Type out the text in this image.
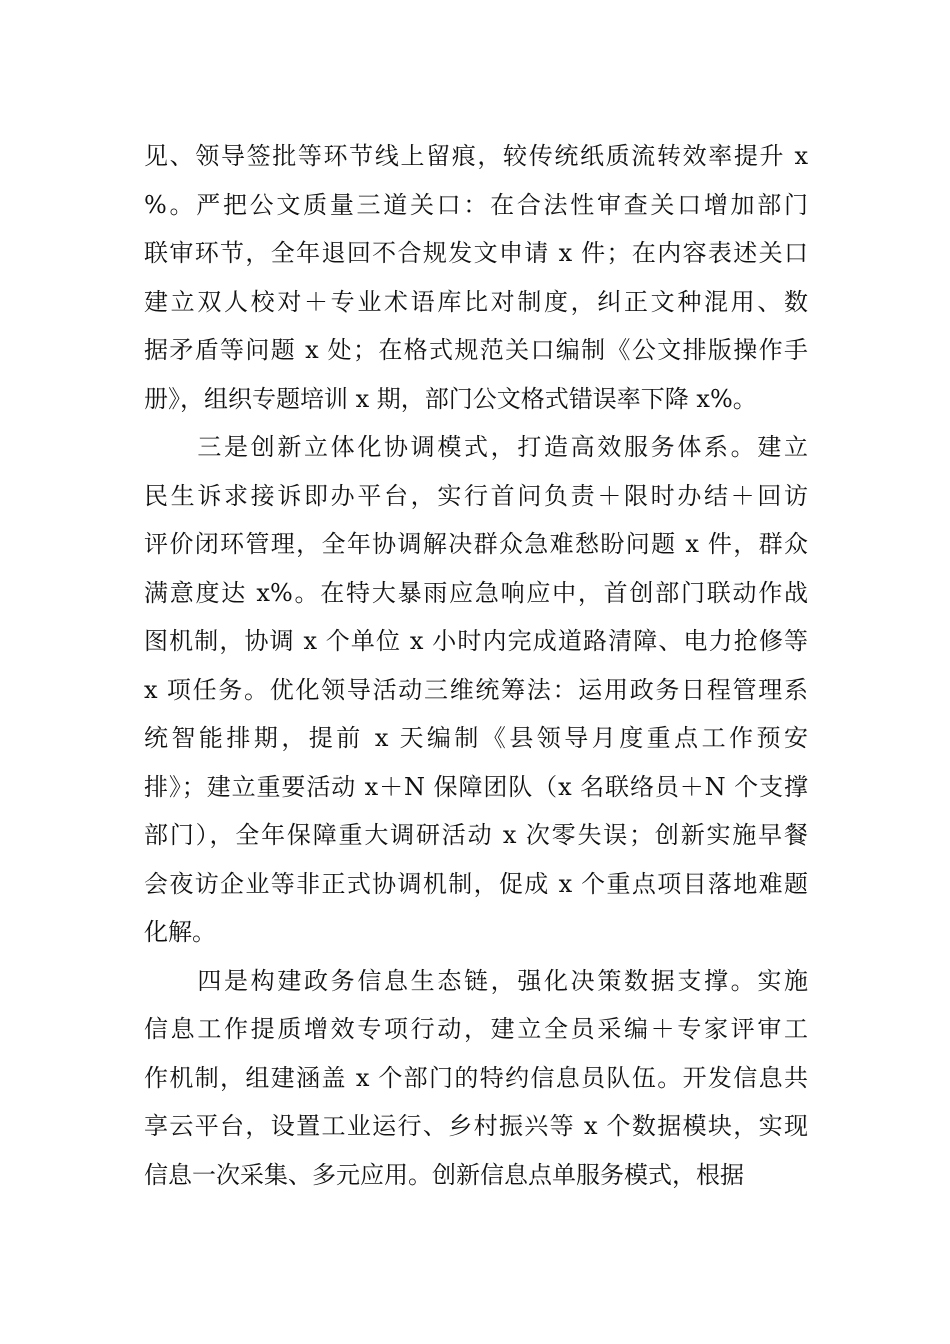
见、领导签批等环节线上留痕，较传统纸质流转效率提升 x
%。严把公文质量三道关口：在合法性审查关口增加部门
联审环节，全年退回不合规发文申请 x 件；在内容表述关口
建立双人校对＋专业术语库比对制度，纠正文种混用、数
据矛盾等问题 x 处；在格式规范关口编制《公文排版操作手
册》，组织专题培训 x 期，部门公文格式错误率下降 x%。
　　三是创新立体化协调模式，打造高效服务体系。建立
民生诉求接诉即办平台，实行首问负责＋限时办结＋回访
评价闭环管理，全年协调解决群众急难愁盼问题 x 件，群众
满意度达 x%。在特大暴雨应急响应中，首创部门联动作战
图机制，协调 x 个单位 x 小时内完成道路清障、电力抢修等
x 项任务。优化领导活动三维统筹法：运用政务日程管理系
统智能排期，提前 x 天编制《县领导月度重点工作预安
排》；建立重要活动 x＋N 保障团队（x 名联络员＋N 个支撑
部门），全年保障重大调研活动 x 次零失误；创新实施早餐
会夜访企业等非正式协调机制，促成 x 个重点项目落地难题
化解。
　　四是构建政务信息生态链，强化决策数据支撑。实施
信息工作提质增效专项行动，建立全员采编＋专家评审工
作机制，组建涵盖 x 个部门的特约信息员队伍。开发信息共
享云平台，设置工业运行、乡村振兴等 x 个数据模块，实现
信息一次采集、多元应用。创新信息点单服务模式，根据
